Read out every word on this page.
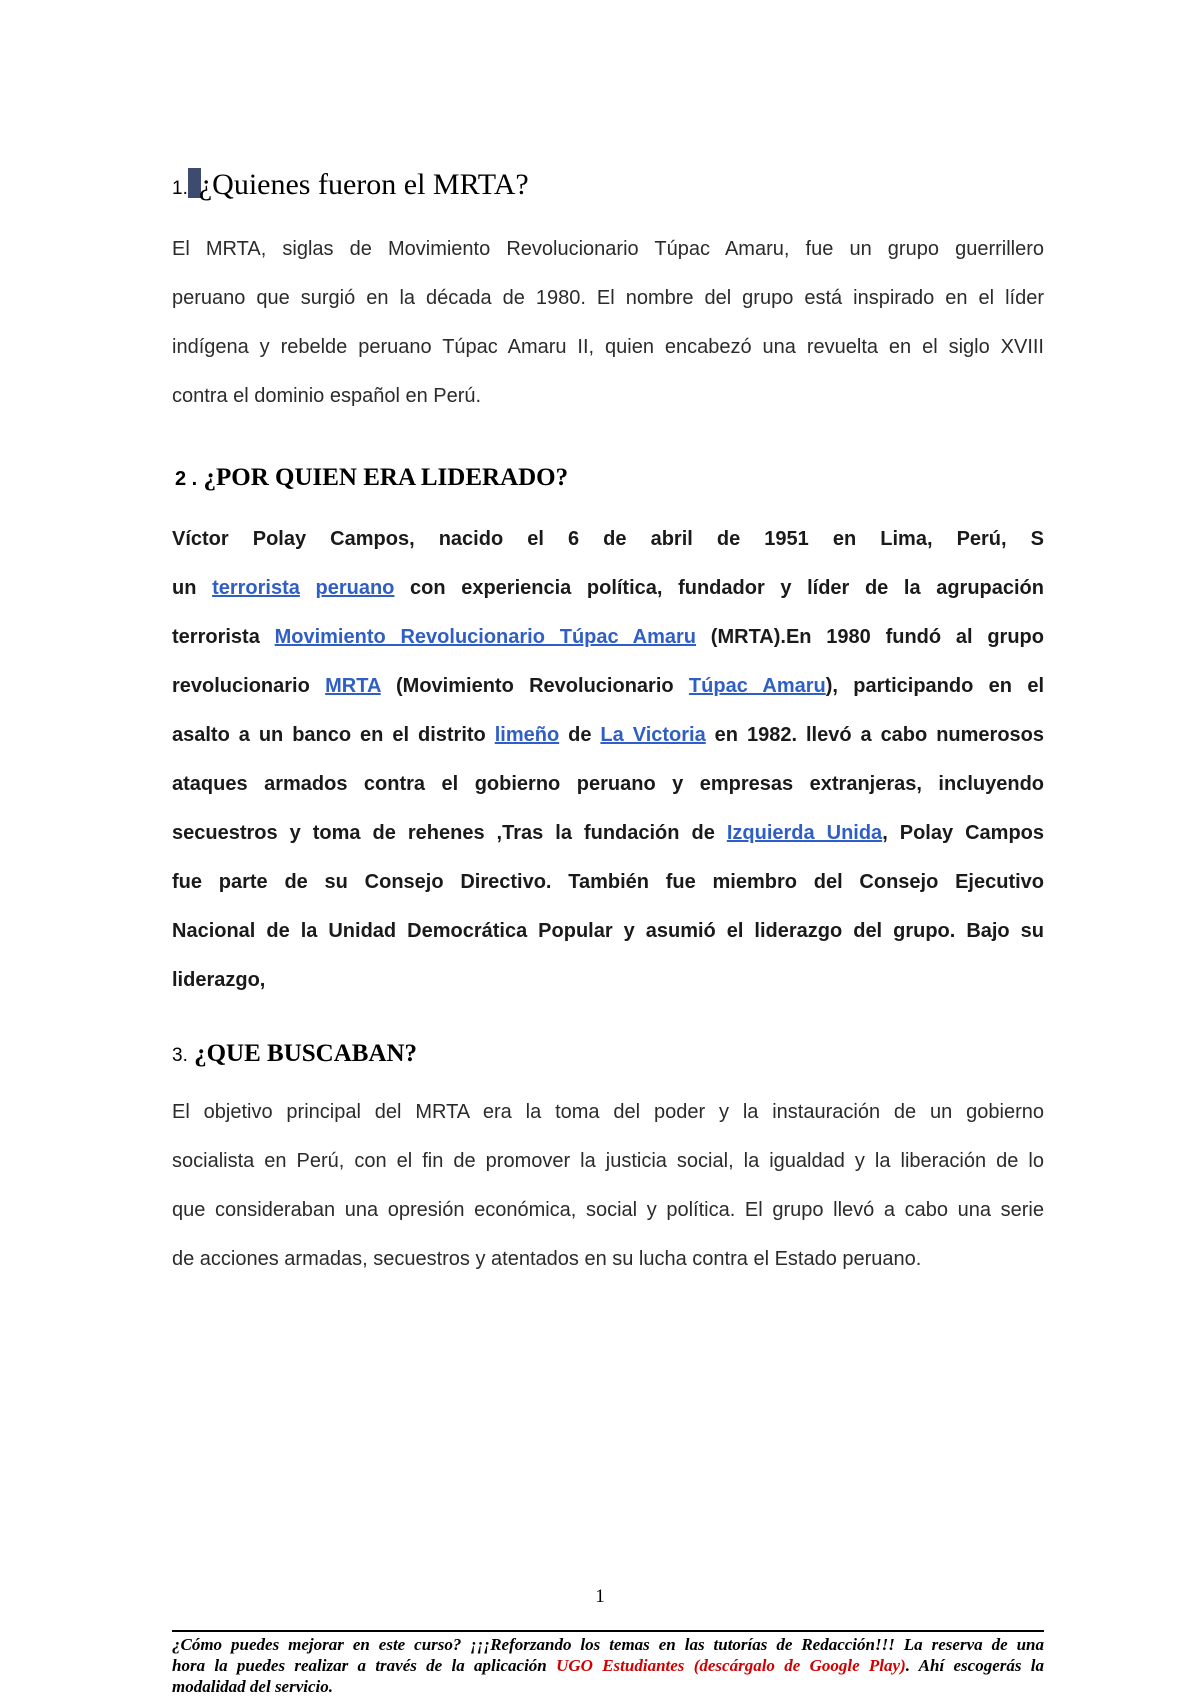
1. ¿Quienes fueron el MRTA?
El MRTA, siglas de Movimiento Revolucionario Túpac Amaru, fue un grupo guerrillero
peruano que surgió en la década de 1980. El nombre del grupo está inspirado en el líder
indígena y rebelde peruano Túpac Amaru II, quien encabezó una revuelta en el siglo XVIII
contra el dominio español en Perú.
2 . ¿POR QUIEN ERA LIDERADO?
Víctor Polay Campos, nacido el 6 de abril de 1951 en Lima, Perú, S
un terrorista peruano con experiencia política, fundador y líder de la agrupación
terrorista Movimiento Revolucionario Túpac Amaru (MRTA).En 1980 fundó al grupo
revolucionario MRTA (Movimiento Revolucionario Túpac Amaru), participando en el
asalto a un banco en el distrito limeño de La Victoria en 1982. llevó a cabo numerosos
ataques armados contra el gobierno peruano y empresas extranjeras, incluyendo
secuestros y toma de rehenes ,Tras la fundación de Izquierda Unida, Polay Campos
fue parte de su Consejo Directivo. También fue miembro del Consejo Ejecutivo
Nacional de la Unidad Democrática Popular y asumió el liderazgo del grupo. Bajo su
liderazgo,
3. ¿QUE BUSCABAN?
El objetivo principal del MRTA era la toma del poder y la instauración de un gobierno
socialista en Perú, con el fin de promover la justicia social, la igualdad y la liberación de lo
que consideraban una opresión económica, social y política. El grupo llevó a cabo una serie
de acciones armadas, secuestros y atentados en su lucha contra el Estado peruano.
1
¿Cómo puedes mejorar en este curso? ¡¡¡Reforzando los temas en las tutorías de Redacción!!! La reserva de una
hora la puedes realizar a través de la aplicación UGO Estudiantes (descárgalo de Google Play). Ahí escogerás la
modalidad del servicio.
